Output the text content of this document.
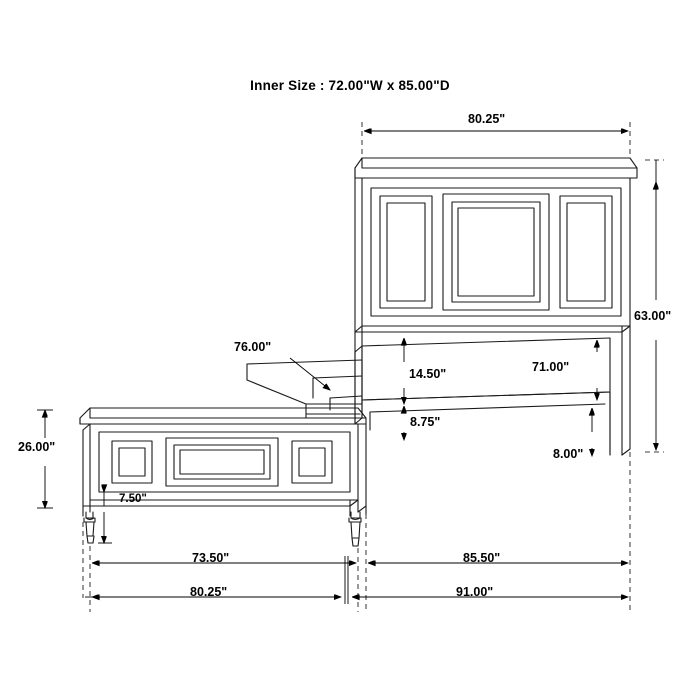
Inner Size : 72.00"W x 85.00"D
80.25"
63.00"
71.00"
76.00"
14.50"
8.75"
8.00"
26.00"
7.50"
73.50"	85.50"
80.25"	91.00"
